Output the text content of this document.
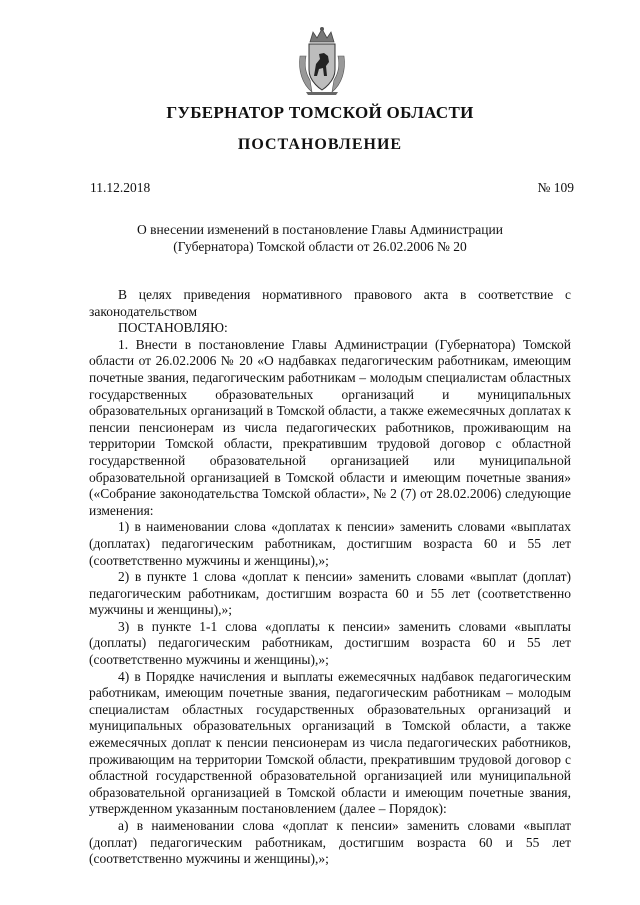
ГУБЕРНАТОР ТОМСКОЙ ОБЛАСТИ
ПОСТАНОВЛЕНИЕ
11.12.2018	№ 109
О внесении изменений в постановление Главы Администрации
(Губернатора) Томской области от 26.02.2006 № 20

В целях приведения нормативного правового акта в соответствие с законодательством

ПОСТАНОВЛЯЮ:

1. Внести в постановление Главы Администрации (Губернатора) Томской области от 26.02.2006 № 20 «О надбавках педагогическим работникам, имеющим почетные звания, педагогическим работникам – молодым специалистам областных государственных образовательных организаций и муниципальных образовательных организаций в Томской области, а также ежемесячных доплатах к пенсии пенсионерам из числа педагогических работников, проживающим на территории Томской области, прекратившим трудовой договор с областной государственной образовательной организацией или муниципальной образовательной организацией в Томской области и имеющим почетные звания» («Собрание законодательства Томской области», № 2 (7) от 28.02.2006) следующие изменения:

1) в наименовании слова «доплатах к пенсии» заменить словами «выплатах (доплатах) педагогическим работникам, достигшим возраста 60 и 55 лет (соответственно мужчины и женщины),»;

2) в пункте 1 слова «доплат к пенсии» заменить словами «выплат (доплат) педагогическим работникам, достигшим возраста 60 и 55 лет (соответственно мужчины и женщины),»;

3) в пункте 1-1 слова «доплаты к пенсии» заменить словами «выплаты (доплаты) педагогическим работникам, достигшим возраста 60 и 55 лет (соответственно мужчины и женщины),»;

4) в Порядке начисления и выплаты ежемесячных надбавок педагогическим работникам, имеющим почетные звания, педагогическим работникам – молодым специалистам областных государственных образовательных организаций и муниципальных образовательных организаций в Томской области, а также ежемесячных доплат к пенсии пенсионерам из числа педагогических работников, проживающим на территории Томской области, прекратившим трудовой договор с областной государственной образовательной организацией или муниципальной образовательной организацией в Томской области и имеющим почетные звания, утвержденном указанным постановлением (далее – Порядок):

а) в наименовании слова «доплат к пенсии» заменить словами «выплат (доплат) педагогическим работникам, достигшим возраста 60 и 55 лет (соответственно мужчины и женщины),»;
